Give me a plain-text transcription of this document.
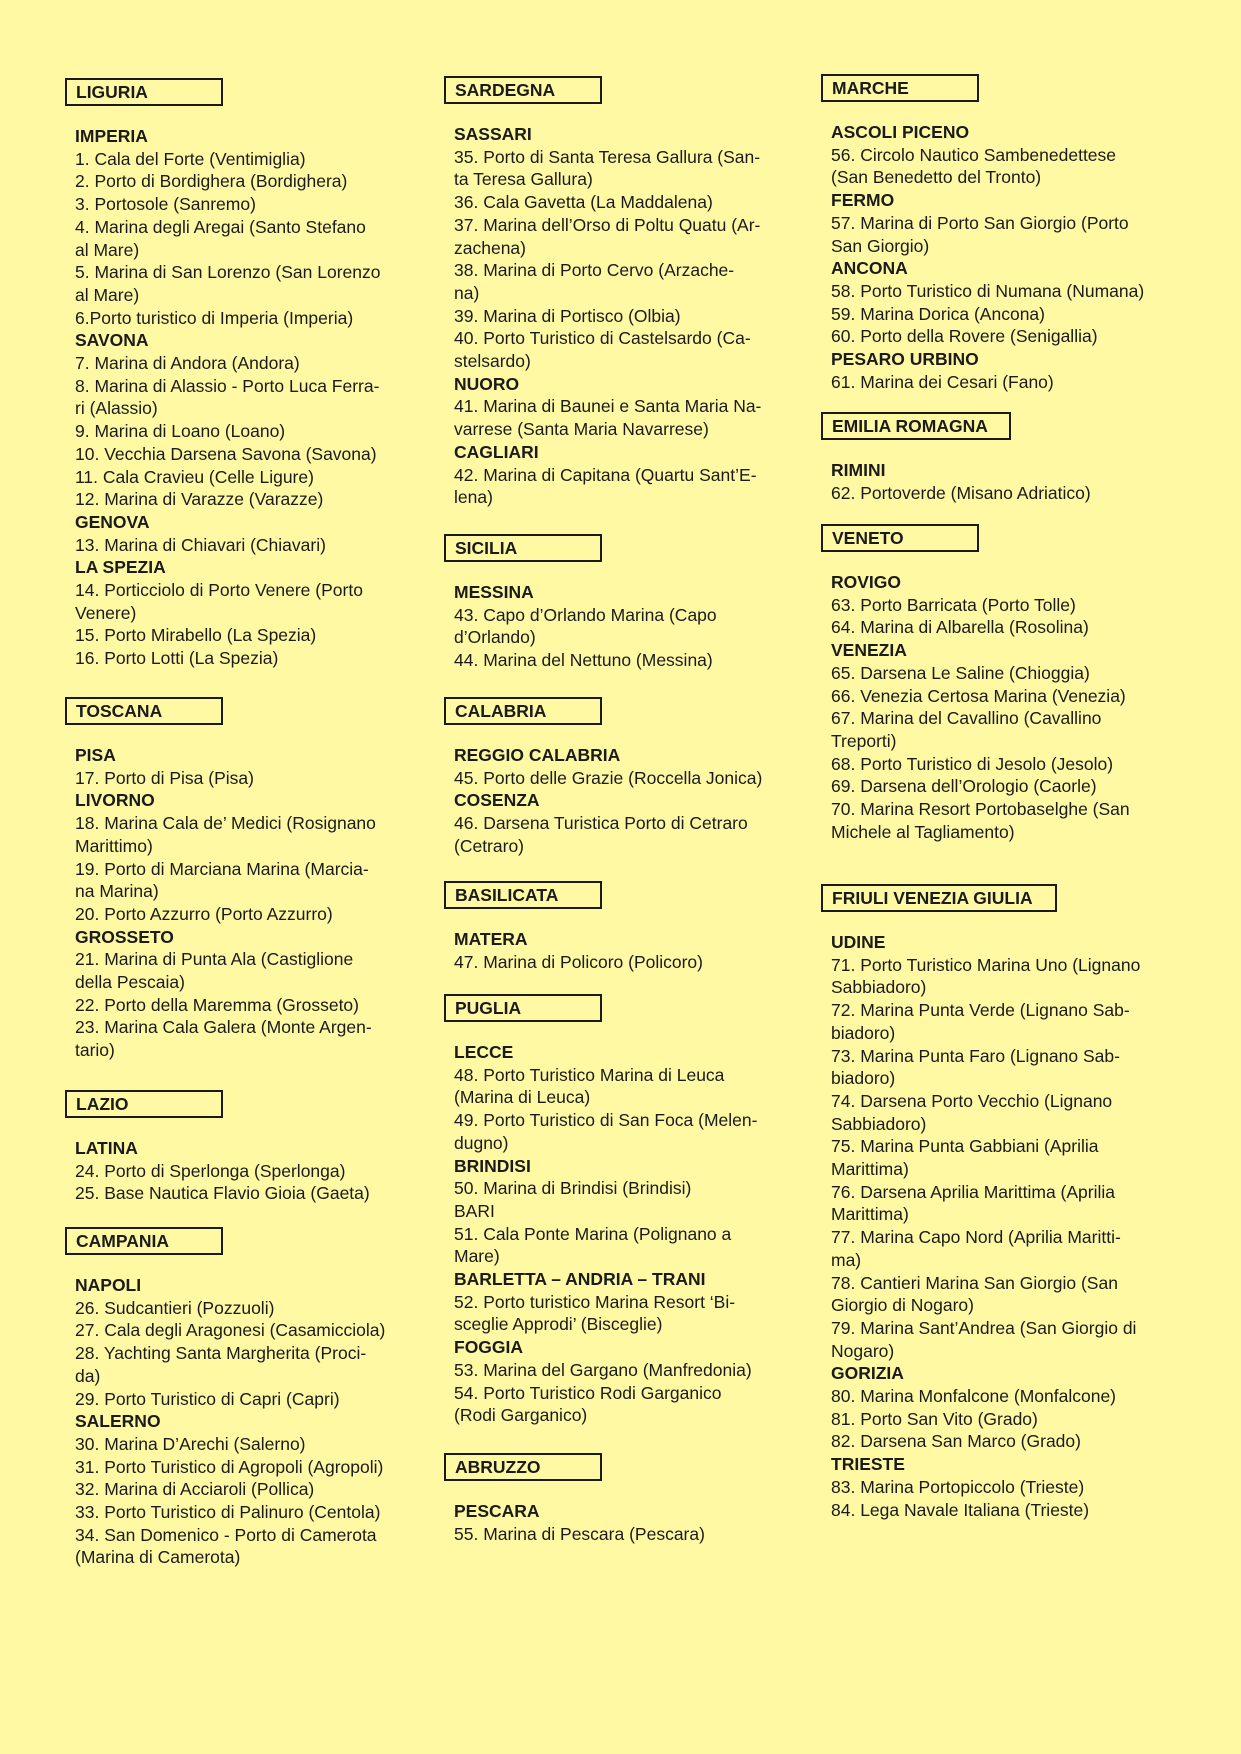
LIGURIA
IMPERIA
1. Cala del Forte (Ventimiglia)
2. Porto di Bordighera (Bordighera)
3. Portosole (Sanremo)
4. Marina degli Aregai (Santo Stefano
al Mare)
5. Marina di San Lorenzo (San Lorenzo
al Mare)
6.Porto turistico di Imperia (Imperia)
SAVONA
7. Marina di Andora (Andora)
8. Marina di Alassio - Porto Luca Ferra-
ri (Alassio)
9. Marina di Loano (Loano)
10. Vecchia Darsena Savona (Savona)
11. Cala Cravieu (Celle Ligure)
12. Marina di Varazze (Varazze)
GENOVA
13. Marina di Chiavari (Chiavari)
LA SPEZIA
14. Porticciolo di Porto Venere (Porto
Venere)
15. Porto Mirabello (La Spezia)
16. Porto Lotti (La Spezia)
TOSCANA
PISA
17. Porto di Pisa (Pisa)
LIVORNO
18. Marina Cala de’ Medici (Rosignano
Marittimo)
19. Porto di Marciana Marina (Marcia-
na Marina)
20. Porto Azzurro (Porto Azzurro)
GROSSETO
21. Marina di Punta Ala (Castiglione
della Pescaia)
22. Porto della Maremma (Grosseto)
23. Marina Cala Galera (Monte Argen-
tario)
LAZIO
LATINA
24. Porto di Sperlonga (Sperlonga)
25. Base Nautica Flavio Gioia (Gaeta)
CAMPANIA
NAPOLI
26. Sudcantieri (Pozzuoli)
27. Cala degli Aragonesi (Casamicciola)
28. Yachting Santa Margherita (Proci-
da)
29. Porto Turistico di Capri (Capri)
SALERNO
30. Marina D’Arechi (Salerno)
31. Porto Turistico di Agropoli (Agropoli)
32. Marina di Acciaroli (Pollica)
33. Porto Turistico di Palinuro (Centola)
34. San Domenico - Porto di Camerota
(Marina di Camerota)
SARDEGNA
SASSARI
35. Porto di Santa Teresa Gallura (San-
ta Teresa Gallura)
36. Cala Gavetta (La Maddalena)
37. Marina dell’Orso di Poltu Quatu (Ar-
zachena)
38. Marina di Porto Cervo (Arzache-
na)
39. Marina di Portisco (Olbia)
40. Porto Turistico di Castelsardo (Ca-
stelsardo)
NUORO
41. Marina di Baunei e Santa Maria Na-
varrese (Santa Maria Navarrese)
CAGLIARI
42. Marina di Capitana (Quartu Sant’E-
lena)
SICILIA
MESSINA
43. Capo d’Orlando Marina (Capo
d’Orlando)
44. Marina del Nettuno (Messina)
CALABRIA
REGGIO CALABRIA
45. Porto delle Grazie (Roccella Jonica)
COSENZA
46. Darsena Turistica Porto di Cetraro
(Cetraro)
BASILICATA
MATERA
47. Marina di Policoro (Policoro)
PUGLIA
LECCE
48. Porto Turistico Marina di Leuca
(Marina di Leuca)
49. Porto Turistico di San Foca (Melen-
dugno)
BRINDISI
50. Marina di Brindisi (Brindisi)
BARI
51. Cala Ponte Marina (Polignano a
Mare)
BARLETTA – ANDRIA – TRANI
52. Porto turistico Marina Resort ‘Bi-
sceglie Approdi’ (Bisceglie)
FOGGIA
53. Marina del Gargano (Manfredonia)
54. Porto Turistico Rodi Garganico
(Rodi Garganico)
ABRUZZO
PESCARA
55. Marina di Pescara (Pescara)
MARCHE
ASCOLI PICENO
56. Circolo Nautico Sambenedettese
(San Benedetto del Tronto)
FERMO
57. Marina di Porto San Giorgio (Porto
San Giorgio)
ANCONA
58. Porto Turistico di Numana (Numana)
59. Marina Dorica (Ancona)
60. Porto della Rovere (Senigallia)
PESARO URBINO
61. Marina dei Cesari (Fano)
EMILIA ROMAGNA
RIMINI
62. Portoverde (Misano Adriatico)
VENETO
ROVIGO
63. Porto Barricata (Porto Tolle)
64. Marina di Albarella (Rosolina)
VENEZIA
65. Darsena Le Saline (Chioggia)
66. Venezia Certosa Marina (Venezia)
67. Marina del Cavallino (Cavallino
Treporti)
68. Porto Turistico di Jesolo (Jesolo)
69. Darsena dell’Orologio (Caorle)
70. Marina Resort Portobaselghe (San
Michele al Tagliamento)
FRIULI VENEZIA GIULIA
UDINE
71. Porto Turistico Marina Uno (Lignano
Sabbiadoro)
72. Marina Punta Verde (Lignano Sab-
biadoro)
73. Marina Punta Faro (Lignano Sab-
biadoro)
74. Darsena Porto Vecchio (Lignano
Sabbiadoro)
75. Marina Punta Gabbiani (Aprilia
Marittima)
76. Darsena Aprilia Marittima (Aprilia
Marittima)
77. Marina Capo Nord (Aprilia Maritti-
ma)
78. Cantieri Marina San Giorgio (San
Giorgio di Nogaro)
79. Marina Sant’Andrea (San Giorgio di
Nogaro)
GORIZIA
80. Marina Monfalcone (Monfalcone)
81. Porto San Vito (Grado)
82. Darsena San Marco (Grado)
TRIESTE
83. Marina Portopiccolo (Trieste)
84. Lega Navale Italiana (Trieste)
